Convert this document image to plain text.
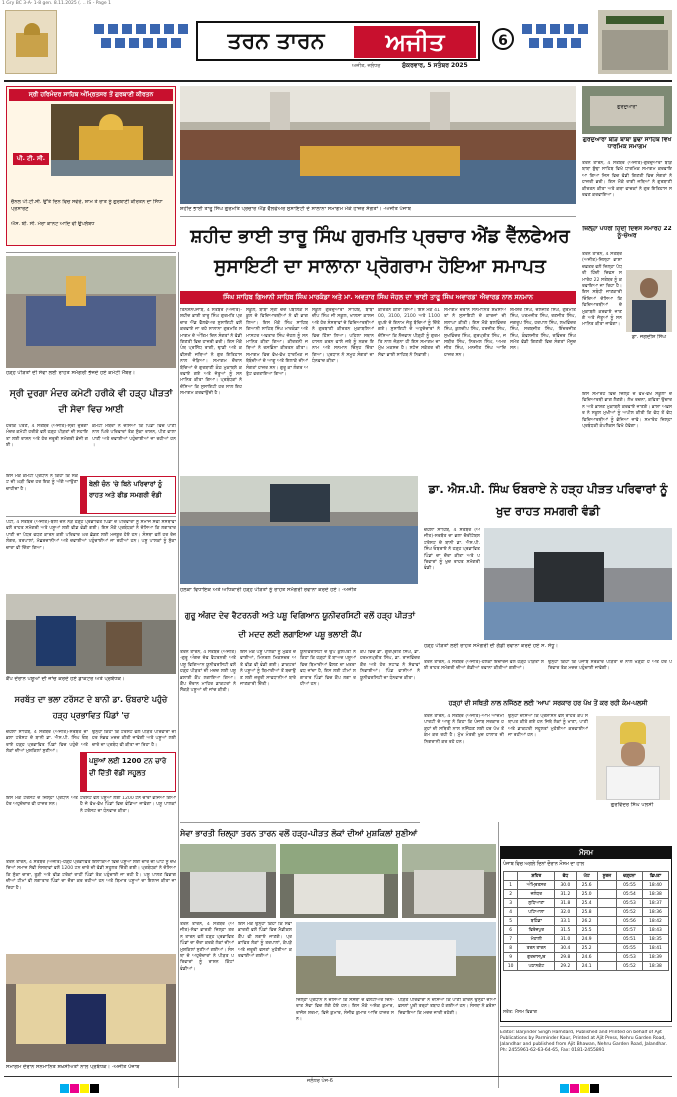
1 Gry BC 3-A- 1-8 gen. 8.11.2025 (. .. IS - Page 1
ਤਰਨ ਤਾਰਨ	ਅਜੀਤ
ਅਜੀਤ, ਜਲੰਧਰ	ਸ਼ੁੱਕਰਵਾਰ, 5 ਸਤੰਬਰ 2025
6
ਸ੍ਰੀ ਹਰਿਮੰਦਰ ਸਾਹਿਬ ਅੰਮ੍ਰਿਤਸਰ ਤੋਂ ਗੁਰਬਾਣੀ ਕੀਰਤਨ
ਪੀ. ਟੀ. ਸੀ.
ਚੈਨਲ ਪੀ.ਟੀ.ਸੀ. ਉੱਤੇ ਦਿਨ ਵਿਚ ਸਵੇਰੇ, ਸ਼ਾਮ ਤੇ ਰਾਤ ਨੂੰ ਗੁਰਬਾਣੀ ਕੀਰਤਨ ਦਾ ਸਿੱਧਾ ਪ੍ਰਸਾਰਣ
ਐਸ. ਬੀ. ਸੀ. ਮੇਰਾ ਕਾਨਟ ਆਦਿ ਵੀ ਉਪਲੱਬਧ
ਸ਼ਹੀਦ ਭਾਈ ਤਾਰੂ ਸਿੰਘ ਗੁਰਮਤਿ ਪ੍ਰਚਾਰ ਐਂਡ ਵੈੱਲਫੇਅਰ ਸੁਸਾਇਟੀ ਦੇ ਸਾਲਾਨਾ ਸਮਾਗਮ ਮੌਕੇ ਹਾਜ਼ਰ ਸੰਗਤਾਂ। -ਅਜੀਤ ਪੰਜਾਬ
ਗੁਰਦੁਆਰਾ
ਗੁਰਦੁਆਰਾ ਬੀੜ ਬਾਬਾ ਬੁੱਢਾ ਸਾਹਿਬ ਵਿਖੇ ਧਾਰਮਿਕ ਸਮਾਗਮ
ਤਰਨ ਤਾਰਨ, 4 ਸਤੰਬਰ (ਅਜੀਤ)-ਗੁਰਦੁਆਰਾ ਬੀੜ ਬਾਬਾ ਬੁੱਢਾ ਸਾਹਿਬ ਵਿਖੇ ਧਾਰਮਿਕ ਸਮਾਗਮ ਕਰਵਾਇਆ ਗਿਆ ਜਿਸ ਵਿਚ ਵੱਡੀ ਗਿਣਤੀ ਵਿਚ ਸੰਗਤਾਂ ਨੇ ਹਾਜ਼ਰੀ ਭਰੀ। ਇਸ ਮੌਕੇ ਰਾਗੀ ਜਥਿਆਂ ਨੇ ਗੁਰਬਾਣੀ ਕੀਰਤਨ ਕੀਤਾ ਅਤੇ ਕਥਾ ਵਾਚਕਾਂ ਨੇ ਗੁਰ ਇਤਿਹਾਸ ਸਰਵਣ ਕਰਵਾਇਆ।
ਜ਼ਿਲ੍ਹਾ ਪੱਧਰੀ ਹਿੰਦੀ ਦਿਵਸ ਸਮਾਰੋਹ 22 ਨੂੰ-ਚੇਅਰ
ਸ਼ਹੀਦ ਭਾਈ ਤਾਰੂ ਸਿੰਘ ਗੁਰਮਤਿ ਪ੍ਰਚਾਰ ਐਂਡ ਵੈੱਲਫੇਅਰ ਸੁਸਾਇਟੀ ਦਾ ਸਾਲਾਨਾ ਪ੍ਰੋਗਰਾਮ ਹੋਇਆ ਸਮਾਪਤ
ਸਿੰਘ ਸਾਹਿਬ ਗਿਆਨੀ ਸਾਹਿਬ ਸਿੰਘ ਮਾਰਕੰਡਾ ਅਤੇ ਮਾ. ਅਵਤਾਰ ਸਿੰਘ ਜੋਹਲ ਦਾ 'ਭਾਈ ਤਾਰੂ ਸਿੰਘ ਅਵਾਰਡ' ਐਵਾਰਡ ਨਾਲ ਸਨਮਾਨ
ਤਿੰਨਸ਼ਨਪੰਜਾਬ, 4 ਸਤੰਬਰ (ਅਜੀਤ)-ਸ਼ਹੀਦ ਭਾਈ ਤਾਰੂ ਸਿੰਘ ਗੁਰਮਤਿ ਪ੍ਰਚਾਰ ਐਂਡ ਵੈੱਲਫੇਅਰ ਸੁਸਾਇਟੀ ਵਲੋਂ ਕਰਵਾਏ ਜਾ ਰਹੇ ਸਾਲਾਨਾ ਗੁਰਮਤਿ ਸਮਾਗਮ ਦੇ ਅੰਤਿਮ ਦਿਨ ਸੰਗਤਾਂ ਨੇ ਵੱਡੀ ਗਿਣਤੀ ਵਿਚ ਹਾਜ਼ਰੀ ਭਰੀ। ਇਸ ਮੌਕੇ ਪੰਥ ਪ੍ਰਸਿੱਧ ਰਾਗੀ, ਢਾਡੀ ਅਤੇ ਕਵੀਸ਼ਰੀ ਜਥਿਆਂ ਨੇ ਗੁਰ ਇਤਿਹਾਸ ਨਾਲ ਜੋੜਿਆ। ਸਮਾਗਮ ਦੌਰਾਨ ਬੱਚਿਆਂ ਦੇ ਗੁਰਬਾਣੀ ਕੰਠ ਮੁਕਾਬਲੇ ਕਰਵਾਏ ਗਏ ਅਤੇ ਜੇਤੂਆਂ ਨੂੰ ਸਨਮਾਨਿਤ ਕੀਤਾ ਗਿਆ। ਪ੍ਰਬੰਧਕਾਂ ਨੇ ਦੱਸਿਆ ਕਿ ਸੁਸਾਇਟੀ ਹਰ ਸਾਲ ਇਹ ਸਮਾਗਮ ਕਰਵਾਉਂਦੀ ਹੈ।
ਸਕੂਲ, ਬਾਬਾ ਸ੍ਰੀ ਚੰਦ ਪਬਲਿਕ ਸਕੂਲ ਦੇ ਵਿਦਿਆਰਥੀਆਂ ਨੇ ਵੀ ਭਾਗ ਲਿਆ। ਇਸ ਮੌਕੇ ਸਿੰਘ ਸਾਹਿਬ ਗਿਆਨੀ ਸਾਹਿਬ ਸਿੰਘ ਮਾਰਕੰਡਾ ਅਤੇ ਮਾਸਟਰ ਅਵਤਾਰ ਸਿੰਘ ਜੋਹਲ ਨੂੰ ਸਨਮਾਨਿਤ ਕੀਤਾ ਗਿਆ। ਕੀਰਤਨੀ ਜਥਿਆਂ ਨੇ ਰਸਭਿੰਨਾ ਕੀਰਤਨ ਕੀਤਾ। ਸਮਾਗਮ ਵਿਚ ਵੱਖ-ਵੱਖ ਧਾਰਮਿਕ ਜਥੇਬੰਦੀਆਂ ਦੇ ਆਗੂ ਅਤੇ ਇਲਾਕੇ ਦੀਆਂ ਸੰਗਤਾਂ ਹਾਜ਼ਰ ਸਨ। ਗੁਰੂ ਕਾ ਲੰਗਰ ਅਤੁੱਟ ਵਰਤਾਇਆ ਗਿਆ।
ਸਕੂਲ ਗੁਰਦੁਆਰਾ ਸਾਹਿਬ, ਬਾਬਾ ਦੀਪ ਸਿੰਘ ਜੀ ਸਕੂਲ, ਖਾਲਸਾ ਕਾਲਜ ਅਤੇ ਹੋਰ ਸੰਸਥਾਵਾਂ ਦੇ ਵਿਦਿਆਰਥੀਆਂ ਨੇ ਗੁਰਬਾਣੀ ਕੀਰਤਨ ਮੁਕਾਬਲਿਆਂ ਵਿਚ ਹਿੱਸਾ ਲਿਆ। ਪਹਿਲਾ ਸਥਾਨ ਹਾਸਲ ਕਰਨ ਵਾਲੇ ਜਥੇ ਨੂੰ ਨਕਦ ਇਨਾਮ ਅਤੇ ਸਨਮਾਨ ਚਿੰਨ੍ਹ ਦਿੱਤਾ ਗਿਆ। ਪ੍ਰਧਾਨ ਨੇ ਸਮੂਹ ਸੰਗਤਾਂ ਦਾ ਧੰਨਵਾਦ ਕੀਤਾ।
ਕੀਰਤਨ ਕੀਤਾ ਗਿਆ। ਇਸ ਮੌਕੇ 4100, 3100, 2100 ਅਤੇ 1100 ਰੁਪਏ ਦੇ ਇਨਾਮ ਜੇਤੂ ਬੱਚਿਆਂ ਨੂੰ ਦਿੱਤੇ ਗਏ। ਸੁਸਾਇਟੀ ਦੇ ਅਹੁਦੇਦਾਰਾਂ ਨੇ ਦੱਸਿਆ ਕਿ ਨੌਜਵਾਨ ਪੀੜ੍ਹੀ ਨੂੰ ਗੁਰਮਤਿ ਨਾਲ ਜੋੜਨਾ ਹੀ ਇਸ ਸਮਾਗਮ ਦਾ ਮੁੱਖ ਮਕਸਦ ਹੈ। ਸਟੇਜ ਸਕੱਤਰ ਦੀ ਸੇਵਾ ਭਾਈ ਸਾਹਿਬ ਨੇ ਨਿਭਾਈ।
ਸਮਾਗਮ ਦੌਰਾਨ ਸਨਮਾਨਿਤ ਸ਼ਖ਼ਸੀਅਤਾਂ ਨੇ ਸੁਸਾਇਟੀ ਦੇ ਕਾਰਜਾਂ ਦੀ ਸ਼ਲਾਘਾ ਕੀਤੀ। ਇਸ ਮੌਕੇ ਬਲਵਿੰਦਰ ਸਿੰਘ, ਕੁਲਦੀਪ ਸਿੰਘ, ਹਰਜੀਤ ਸਿੰਘ, ਸੁਖਵਿੰਦਰ ਸਿੰਘ, ਗੁਰਪ੍ਰੀਤ ਸਿੰਘ, ਜਸਬੀਰ ਸਿੰਘ, ਨਿਰਮਲ ਸਿੰਘ, ਅਮਰਜੀਤ ਸਿੰਘ, ਮਨਜੀਤ ਸਿੰਘ ਆਦਿ ਹਾਜ਼ਰ ਸਨ।
ਸ਼ਮਸ਼ੇਰ ਸਿੰਘ, ਦਲਜੀਤ ਸਿੰਘ, ਗੁਰਮੀਤ ਸਿੰਘ, ਪਰਮਜੀਤ ਸਿੰਘ, ਰਣਜੀਤ ਸਿੰਘ, ਜਗਰੂਪ ਸਿੰਘ, ਹਰਪਾਲ ਸਿੰਘ, ਲਖਵਿੰਦਰ ਸਿੰਘ, ਸਰਬਜੀਤ ਸਿੰਘ, ਇੰਦਰਜੀਤ ਸਿੰਘ, ਕੰਵਲਜੀਤ ਸਿੰਘ, ਰਵਿੰਦਰ ਸਿੰਘ ਸਮੇਤ ਵੱਡੀ ਗਿਣਤੀ ਵਿਚ ਸੰਗਤਾਂ ਮੌਜੂਦ ਸਨ।
ਤਰਨ ਤਾਰਨ, 4 ਸਤੰਬਰ (ਅਜੀਤ)-ਜ਼ਿਲ੍ਹਾ ਭਾਸ਼ਾ ਦਫ਼ਤਰ ਵਲੋਂ ਜ਼ਿਲ੍ਹਾ ਪੱਧਰੀ ਹਿੰਦੀ ਦਿਵਸ ਸਮਾਰੋਹ 22 ਸਤੰਬਰ ਨੂੰ ਕਰਵਾਇਆ ਜਾ ਰਿਹਾ ਹੈ। ਇਸ ਸਬੰਧੀ ਜਾਣਕਾਰੀ ਦਿੰਦਿਆਂ ਦੱਸਿਆ ਕਿ ਵਿਦਿਆਰਥੀਆਂ ਦੇ ਮੁਕਾਬਲੇ ਕਰਵਾਏ ਜਾਣਗੇ ਅਤੇ ਜੇਤੂਆਂ ਨੂੰ ਸਨਮਾਨਿਤ ਕੀਤਾ ਜਾਵੇਗਾ।
ਡਾ. ਜਗਦੀਸ਼ ਸਿੰਘ
ਇਸ ਸਮਾਰੋਹ ਵਿਚ ਜ਼ਿਲ੍ਹੇ ਦੇ ਵੱਖ-ਵੱਖ ਸਕੂਲਾਂ ਦੇ ਵਿਦਿਆਰਥੀ ਭਾਗ ਲੈਣਗੇ। ਲੇਖ ਰਚਨਾ, ਕਵਿਤਾ ਉਚਾਰਨ ਅਤੇ ਭਾਸ਼ਣ ਮੁਕਾਬਲੇ ਕਰਵਾਏ ਜਾਣਗੇ। ਭਾਸ਼ਾ ਅਫ਼ਸਰ ਨੇ ਸਕੂਲ ਮੁਖੀਆਂ ਨੂੰ ਅਪੀਲ ਕੀਤੀ ਕਿ ਵੱਧ ਤੋਂ ਵੱਧ ਵਿਦਿਆਰਥੀਆਂ ਨੂੰ ਭੇਜਿਆ ਜਾਵੇ। ਸਮਾਰੋਹ ਜ਼ਿਲ੍ਹਾ ਪ੍ਰਬੰਧਕੀ ਕੰਪਲੈਕਸ ਵਿਖੇ ਹੋਵੇਗਾ।
ਹੜ੍ਹ ਪੀੜਤਾਂ ਦੀ ਸੇਵਾ ਲਈ ਰਾਹਤ ਸਮੱਗਰੀ ਭੇਜਦੇ ਹੋਏ ਕਮੇਟੀ ਮੈਂਬਰ।
ਸ੍ਰੀ ਦੁਰਗਾ ਮੰਦਰ ਕਮੇਟੀ ਹਰੀਕੇ ਵੀ ਹੜ੍ਹ ਪੀੜਤਾਂ ਦੀ ਸੇਵਾ ਵਿਚ ਆਈ
ਹਰੀਕੇ ਪੱਤਣ, 4 ਸਤੰਬਰ (ਅਜੀਤ)-ਸ੍ਰੀ ਦੁਰਗਾ ਮੰਦਰ ਕਮੇਟੀ ਹਰੀਕੇ ਵਲੋਂ ਹੜ੍ਹ ਪੀੜਤਾਂ ਦੀ ਸਹਾਇਤਾ ਲਈ ਰਾਸ਼ਨ ਅਤੇ ਹੋਰ ਜ਼ਰੂਰੀ ਸਮੱਗਰੀ ਭੇਜੀ ਗਈ।
ਕਮੇਟੀ ਮੈਂਬਰਾਂ ਨੇ ਦੱਸਿਆ ਕਿ ਪਿੰਡਾਂ ਵਿਚ ਪਾਣੀ ਨਾਲ ਘਿਰੇ ਪਰਿਵਾਰਾਂ ਤੱਕ ਸੁੱਕਾ ਰਾਸ਼ਨ, ਪੀਣ ਵਾਲਾ ਪਾਣੀ ਅਤੇ ਦਵਾਈਆਂ ਪਹੁੰਚਾਈਆਂ ਜਾ ਰਹੀਆਂ ਹਨ।
ਇਸ ਮੌਕੇ ਕਮੇਟੀ ਪ੍ਰਧਾਨ ਨੇ ਕਿਹਾ ਕਿ ਸੰਕਟ ਦੀ ਘੜੀ ਵਿਚ ਹਰ ਇਕ ਨੂੰ ਅੱਗੇ ਆਉਣਾ ਚਾਹੀਦਾ ਹੈ।
ਬੇਲੀ ਚੰਨ 'ਚੇ ਬਿਨੇ ਪਰਿਵਾਰਾਂ ਨੂੰ ਰਾਹਤ ਅਤੇ ਫੀਡ ਸਮਗਰੀ ਵੰਡੀ
ਪੱਟੀ, 4 ਸਤੰਬਰ (ਅਜੀਤ)-ਬੇਲੀ ਚੰਨ ਨੇੜੇ ਹੜ੍ਹ ਪ੍ਰਭਾਵਿਤ ਪਿੰਡਾਂ ਦੇ ਪਰਿਵਾਰਾਂ ਨੂੰ ਸਮਾਜ ਸੇਵੀ ਸੰਸਥਾਵਾਂ ਵਲੋਂ ਰਾਹਤ ਸਮੱਗਰੀ ਅਤੇ ਪਸ਼ੂਆਂ ਲਈ ਫੀਡ ਵੰਡੀ ਗਈ। ਇਸ ਮੌਕੇ ਪ੍ਰਬੰਧਕਾਂ ਨੇ ਦੱਸਿਆ ਕਿ ਲਗਾਤਾਰ ਪਾਣੀ ਦਾ ਪੱਧਰ ਵਧਣ ਕਾਰਨ ਕਈ ਪਰਿਵਾਰ ਘਰ ਛੱਡਣ ਲਈ ਮਜਬੂਰ ਹੋਏ ਹਨ। ਸੰਸਥਾ ਵਲੋਂ ਹਰ ਰੋਜ਼ ਲੰਗਰ, ਤਰਪਾਲਾਂ, ਮੱਛਰਦਾਨੀਆਂ ਅਤੇ ਦਵਾਈਆਂ ਪਹੁੰਚਾਈਆਂ ਜਾ ਰਹੀਆਂ ਹਨ। ਪਸ਼ੂ ਪਾਲਕਾਂ ਨੂੰ ਸੁੱਕਾ ਚਾਰਾ ਵੀ ਦਿੱਤਾ ਗਿਆ।
ਹਲਕਾ ਵਿਧਾਇਕ ਅਤੇ ਅਧਿਕਾਰੀ ਹੜ੍ਹ ਪੀੜਤਾਂ ਨੂੰ ਰਾਹਤ ਸਮੱਗਰੀ ਰਵਾਨਾ ਕਰਦੇ ਹੋਏ। -ਅਜੀਤ
ਡਾ. ਐਸ.ਪੀ. ਸਿੰਘ ਓਬਰਾਏ ਨੇ ਹੜ੍ਹ ਪੀੜਤ ਪਰਿਵਾਰਾਂ ਨੂੰ ਖੁਦ ਰਾਹਤ ਸਮਗਰੀ ਵੰਡੀ
ਚੋਹਲਾ ਸਾਹਿਬ, 4 ਸਤੰਬਰ (ਅਜੀਤ)-ਸਰਬੱਤ ਦਾ ਭਲਾ ਚੈਰੀਟੇਬਲ ਟਰੱਸਟ ਦੇ ਬਾਨੀ ਡਾ. ਐਸ.ਪੀ. ਸਿੰਘ ਓਬਰਾਏ ਨੇ ਹੜ੍ਹ ਪ੍ਰਭਾਵਿਤ ਪਿੰਡਾਂ ਦਾ ਦੌਰਾ ਕੀਤਾ ਅਤੇ ਪਰਿਵਾਰਾਂ ਨੂੰ ਖੁਦ ਰਾਹਤ ਸਮੱਗਰੀ ਵੰਡੀ।
ਹੜ੍ਹ ਪੀੜਤਾਂ ਲਈ ਰਾਹਤ ਸਮੱਗਰੀ ਦੀ ਗੱਡੀ ਰਵਾਨਾ ਕਰਦੇ ਹੋਏ ਸ. ਸੰਧੂ।
ਕੈਂਪ ਦੌਰਾਨ ਪਸ਼ੂਆਂ ਦੀ ਜਾਂਚ ਕਰਦੇ ਹੋਏ ਡਾਕਟਰ ਅਤੇ ਪ੍ਰਬੰਧਕ।
ਸਰਬੱਤ ਦਾ ਭਲਾ ਟਰੱਸਟ ਦੇ ਬਾਨੀ ਡਾ. ਓਬਰਾਏ ਪਹੁੰਚੇ ਹੜ੍ਹ ਪ੍ਰਭਾਵਿਤ ਪਿੰਡਾਂ 'ਚ
ਚੋਹਲਾ ਸਾਹਿਬ, 4 ਸਤੰਬਰ (ਅਜੀਤ)-ਸਰਬੱਤ ਦਾ ਭਲਾ ਟਰੱਸਟ ਦੇ ਬਾਨੀ ਡਾ. ਐਸ.ਪੀ. ਸਿੰਘ ਓਬਰਾਏ ਹੜ੍ਹ ਪ੍ਰਭਾਵਿਤ ਪਿੰਡਾਂ ਵਿਚ ਪਹੁੰਚੇ ਅਤੇ ਲੋਕਾਂ ਦੀਆਂ ਮੁਸ਼ਕਿਲਾਂ ਸੁਣੀਆਂ।
ਉਨ੍ਹਾਂ ਕਿਹਾ ਕਿ ਟਰੱਸਟ ਵਲੋਂ ਪੀੜਤ ਪਰਿਵਾਰਾਂ ਦੀ ਹਰ ਸੰਭਵ ਮਦਦ ਕੀਤੀ ਜਾਵੇਗੀ ਅਤੇ ਪਸ਼ੂਆਂ ਲਈ ਚਾਰੇ ਦਾ ਪ੍ਰਬੰਧ ਵੀ ਕੀਤਾ ਜਾ ਰਿਹਾ ਹੈ।
ਇਸ ਮੌਕੇ ਟਰੱਸਟ ਦੇ ਜ਼ਿਲ੍ਹਾ ਪ੍ਰਧਾਨ ਅਤੇ ਹੋਰ ਅਹੁਦੇਦਾਰ ਵੀ ਹਾਜ਼ਰ ਸਨ।
ਪਸ਼ੂਆਂ ਲਈ 1200 ਟਨ ਚਾਰੇ ਦੀ ਦਿੱਤੀ ਵੱਡੀ ਸਹੂਲਤ
ਟਰੱਸਟ ਵਲੋਂ ਪਸ਼ੂਆਂ ਲਈ 1200 ਟਨ ਚਾਰਾ ਭੇਜਿਆ ਗਿਆ ਹੈ ਜੋ ਵੱਖ-ਵੱਖ ਪਿੰਡਾਂ ਵਿਚ ਵੰਡਿਆ ਜਾਵੇਗਾ। ਪਸ਼ੂ ਪਾਲਕਾਂ ਨੇ ਟਰੱਸਟ ਦਾ ਧੰਨਵਾਦ ਕੀਤਾ।
ਤਰਨ ਤਾਰਨ, 4 ਸਤੰਬਰ (ਅਜੀਤ)-ਹੜ੍ਹ ਪ੍ਰਭਾਵਿਤ ਇਲਾਕਿਆਂ ਵਿਚ ਪਸ਼ੂਆਂ ਲਈ ਚਾਰੇ ਦੀ ਘਾਟ ਨੂੰ ਦੇਖਦਿਆਂ ਸਮਾਜ ਸੇਵੀ ਸੰਸਥਾਵਾਂ ਵਲੋਂ 1200 ਟਨ ਚਾਰੇ ਦੀ ਵੱਡੀ ਸਹੂਲਤ ਦਿੱਤੀ ਗਈ। ਪ੍ਰਬੰਧਕਾਂ ਨੇ ਦੱਸਿਆ ਕਿ ਸੁੱਕਾ ਚਾਰਾ, ਤੂੜੀ ਅਤੇ ਫੀਡ ਟਰੱਕਾਂ ਰਾਹੀਂ ਪਿੰਡਾਂ ਤੱਕ ਪਹੁੰਚਾਈ ਜਾ ਰਹੀ ਹੈ। ਪਸ਼ੂ ਪਾਲਣ ਵਿਭਾਗ ਦੀਆਂ ਟੀਮਾਂ ਵੀ ਲਗਾਤਾਰ ਪਿੰਡਾਂ ਦਾ ਦੌਰਾ ਕਰ ਰਹੀਆਂ ਹਨ ਅਤੇ ਬਿਮਾਰ ਪਸ਼ੂਆਂ ਦਾ ਇਲਾਜ ਕੀਤਾ ਜਾ ਰਿਹਾ ਹੈ।
ਗੁਰੂ ਅੰਗਦ ਦੇਵ ਵੈਟਰਨਰੀ ਅਤੇ ਪਸ਼ੂ ਵਿਗਿਆਨ ਯੂਨੀਵਰਸਿਟੀ ਵਲੋਂ ਹੜ੍ਹ ਪੀੜਤਾਂ ਦੀ ਮਦਦ ਲਈ ਲਗਾਇਆ ਪਸ਼ੂ ਭਲਾਈ ਕੈਂਪ
ਤਰਨ ਤਾਰਨ, 4 ਸਤੰਬਰ (ਅਜੀਤ)-ਗੁਰੂ ਅੰਗਦ ਦੇਵ ਵੈਟਰਨਰੀ ਅਤੇ ਪਸ਼ੂ ਵਿਗਿਆਨ ਯੂਨੀਵਰਸਿਟੀ ਵਲੋਂ ਹੜ੍ਹ ਪੀੜਤਾਂ ਦੀ ਮਦਦ ਲਈ ਪਸ਼ੂ ਭਲਾਈ ਕੈਂਪ ਲਗਾਇਆ ਗਿਆ। ਕੈਂਪ ਦੌਰਾਨ ਮਾਹਿਰ ਡਾਕਟਰਾਂ ਨੇ ਸੈਂਕੜੇ ਪਸ਼ੂਆਂ ਦੀ ਜਾਂਚ ਕੀਤੀ।
ਇਸ ਮੌਕੇ ਪਸ਼ੂ ਪਾਲਕਾਂ ਨੂੰ ਮੁਫ਼ਤ ਦਵਾਈਆਂ, ਮਿਨਰਲ ਮਿਕਸਚਰ ਅਤੇ ਫੀਡ ਵੀ ਵੰਡੀ ਗਈ। ਡਾਕਟਰਾਂ ਨੇ ਪਸ਼ੂਆਂ ਨੂੰ ਬਿਮਾਰੀਆਂ ਤੋਂ ਬਚਾਉਣ ਲਈ ਜ਼ਰੂਰੀ ਸਾਵਧਾਨੀਆਂ ਬਾਰੇ ਜਾਣਕਾਰੀ ਦਿੱਤੀ।
ਯੂਨੀਵਰਸਿਟੀ ਦੇ ਉਪ ਕੁਲਪਤੀ ਨੇ ਕਿਹਾ ਕਿ ਹੜ੍ਹਾਂ ਤੋਂ ਬਾਅਦ ਪਸ਼ੂਆਂ ਵਿਚ ਬਿਮਾਰੀਆਂ ਫੈਲਣ ਦਾ ਖ਼ਤਰਾ ਵਧ ਜਾਂਦਾ ਹੈ, ਇਸ ਲਈ ਟੀਮਾਂ ਲਗਾਤਾਰ ਪਿੰਡਾਂ ਵਿਚ ਕੈਂਪ ਲਗਾ ਰਹੀਆਂ ਹਨ।
ਕੈਂਪ ਵਿਚ ਡਾ. ਗੁਰਪ੍ਰੀਤ ਸਿੰਘ, ਡਾ. ਹਰਮਨਪ੍ਰੀਤ ਸਿੰਘ, ਡਾ. ਰਾਜਵਿੰਦਰ ਕੌਰ ਅਤੇ ਹੋਰ ਸਟਾਫ਼ ਨੇ ਸੇਵਾਵਾਂ ਨਿਭਾਈਆਂ। ਪਿੰਡ ਵਾਸੀਆਂ ਨੇ ਯੂਨੀਵਰਸਿਟੀ ਦਾ ਧੰਨਵਾਦ ਕੀਤਾ।
ਤਰਨ ਤਾਰਨ, 4 ਸਤੰਬਰ (ਅਜੀਤ)-ਹਲਕਾ ਇੰਚਾਰਜ ਵਲੋਂ ਹੜ੍ਹ ਪੀੜਤਾਂ ਲਈ ਰਾਹਤ ਸਮੱਗਰੀ ਦੀਆਂ ਗੱਡੀਆਂ ਰਵਾਨਾ ਕੀਤੀਆਂ ਗਈਆਂ।
ਉਨ੍ਹਾਂ ਕਿਹਾ ਕਿ ਪੰਜਾਬ ਸਰਕਾਰ ਪੀੜਤਾਂ ਦੇ ਨਾਲ ਖੜ੍ਹੀ ਹੈ ਅਤੇ ਹਰ ਪਰਿਵਾਰ ਤੱਕ ਮਦਦ ਪਹੁੰਚਾਈ ਜਾਵੇਗੀ।
ਹੜ੍ਹਾਂ ਦੀ ਸਥਿਤੀ ਨਾਲ ਨਜਿੱਠਣ ਲਈ 'ਆਪ' ਸਰਕਾਰ ਹਰ ਪੱਖ ਤੋਂ ਕਰ ਰਹੀ ਕੰਮ-ਪਲਸੀ
ਤਰਨ ਤਾਰਨ, 4 ਸਤੰਬਰ (ਅਜੀਤ)-ਆਮ ਆਦਮੀ ਪਾਰਟੀ ਦੇ ਆਗੂ ਨੇ ਕਿਹਾ ਕਿ ਪੰਜਾਬ ਸਰਕਾਰ ਹੜ੍ਹਾਂ ਦੀ ਸਥਿਤੀ ਨਾਲ ਨਜਿੱਠਣ ਲਈ ਹਰ ਪੱਖ ਤੋਂ ਕੰਮ ਕਰ ਰਹੀ ਹੈ। ਮੁੱਖ ਮੰਤਰੀ ਖੁਦ ਹਾਲਾਤ ਦੀ ਨਿਗਰਾਨੀ ਕਰ ਰਹੇ ਹਨ।
ਉਨ੍ਹਾਂ ਦੱਸਿਆ ਕਿ ਪ੍ਰਸ਼ਾਸਨ ਵਲੋਂ ਰਾਹਤ ਕੈਂਪ ਸਥਾਪਤ ਕੀਤੇ ਗਏ ਹਨ ਜਿਥੇ ਲੋਕਾਂ ਨੂੰ ਖਾਣਾ, ਪਾਣੀ ਅਤੇ ਡਾਕਟਰੀ ਸਹੂਲਤਾਂ ਮੁਹੱਈਆ ਕਰਵਾਈਆਂ ਜਾ ਰਹੀਆਂ ਹਨ।
ਗੁਰਵਿੰਦਰ ਸਿੰਘ ਪਲਸੀ
ਸੇਵਾ ਭਾਰਤੀ ਜ਼ਿਲ੍ਹਾ ਤਰਨ ਤਾਰਨ ਵਲੋਂ ਹੜ੍ਹ-ਪੀੜਤ ਲੋਕਾਂ ਦੀਆਂ ਮੁਸ਼ਕਿਲਾਂ ਸੁਣੀਆਂ
ਤਰਨ ਤਾਰਨ, 4 ਸਤੰਬਰ (ਅਜੀਤ)-ਸੇਵਾ ਭਾਰਤੀ ਜ਼ਿਲ੍ਹਾ ਤਰਨ ਤਾਰਨ ਵਲੋਂ ਹੜ੍ਹ ਪ੍ਰਭਾਵਿਤ ਪਿੰਡਾਂ ਦਾ ਦੌਰਾ ਕਰਕੇ ਲੋਕਾਂ ਦੀਆਂ ਮੁਸ਼ਕਿਲਾਂ ਸੁਣੀਆਂ ਗਈਆਂ। ਸੰਸਥਾ ਦੇ ਅਹੁਦੇਦਾਰਾਂ ਨੇ ਪੀੜਤ ਪਰਿਵਾਰਾਂ ਨੂੰ ਰਾਸ਼ਨ ਕਿੱਟਾਂ ਵੰਡੀਆਂ।
ਇਸ ਮੌਕੇ ਉਨ੍ਹਾਂ ਕਿਹਾ ਕਿ ਸੇਵਾ ਭਾਰਤੀ ਵਲੋਂ ਪਿੰਡਾਂ ਵਿਚ ਮੈਡੀਕਲ ਕੈਂਪ ਵੀ ਲਗਾਏ ਜਾਣਗੇ। ਪ੍ਰਭਾਵਿਤ ਲੋਕਾਂ ਨੂੰ ਤਰਪਾਲਾਂ, ਕੱਪੜੇ ਅਤੇ ਜ਼ਰੂਰੀ ਵਸਤਾਂ ਮੁਹੱਈਆ ਕਰਵਾਈਆਂ ਗਈਆਂ।
ਜ਼ਿਲ੍ਹਾ ਪ੍ਰਧਾਨ ਨੇ ਦੱਸਿਆ ਕਿ ਸੰਸਥਾ ਦੇ ਵਲੰਟੀਅਰ ਦਿਨ-ਰਾਤ ਸੇਵਾ ਵਿਚ ਲੱਗੇ ਹੋਏ ਹਨ। ਇਸ ਮੌਕੇ ਅਸ਼ੋਕ ਕੁਮਾਰ, ਰਾਜੇਸ਼ ਸ਼ਰਮਾ, ਵਿਜੇ ਕੁਮਾਰ, ਸੰਜੀਵ ਕੁਮਾਰ ਆਦਿ ਹਾਜ਼ਰ ਸਨ।
ਪੀੜਤ ਪਰਿਵਾਰਾਂ ਨੇ ਦੱਸਿਆ ਕਿ ਪਾਣੀ ਕਾਰਨ ਉਨ੍ਹਾਂ ਦੀਆਂ ਫ਼ਸਲਾਂ ਪੂਰੀ ਤਰ੍ਹਾਂ ਤਬਾਹ ਹੋ ਗਈਆਂ ਹਨ। ਸੰਸਥਾ ਨੇ ਭਰੋਸਾ ਦਿਵਾਇਆ ਕਿ ਮਦਦ ਜਾਰੀ ਰਹੇਗੀ।
ਸਮਾਗਮ ਦੌਰਾਨ ਸਨਮਾਨਿਤ ਸ਼ਖ਼ਸੀਅਤਾਂ ਨਾਲ ਪ੍ਰਬੰਧਕ। -ਅਜੀਤ ਪੰਜਾਬ
ਮੌਸਮ
ਪੰਜਾਬ ਵਿਚ ਅਗਲੇ ਦਿਨਾਂ ਦੌਰਾਨ ਮੌਸਮ ਦਾ ਹਾਲ
	ਸ਼ਹਿਰ	ਵੱਧ	ਘੱਟ	ਸੂਰਜ	ਚੜ੍ਹਨਾ	ਛਿਪਣਾ
1	ਅੰਮ੍ਰਿਤਸਰ	30.0	25.6		05:55	18:40
2	ਜਲੰਧਰ	31.2	25.0		05:54	18:38
3	ਲੁਧਿਆਣਾ	31.8	25.4		05:53	18:37
4	ਪਟਿਆਲਾ	32.0	25.8		05:52	18:36
5	ਬਠਿੰਡਾ	33.1	26.2		05:56	18:42
6	ਫਿਰੋਜ਼ਪੁਰ	31.5	25.5		05:57	18:43
7	ਮੋਹਾਲੀ	31.0	24.9		05:51	18:35
8	ਤਰਨ ਤਾਰਨ	30.4	25.2		05:55	18:41
9	ਗੁਰਦਾਸਪੁਰ	29.8	24.6		05:53	18:39
10	ਪਠਾਨਕੋਟ	29.2	24.1		05:52	18:38
ਸਰੋਤ: ਮੌਸਮ ਵਿਭਾਗ
Editor: Barjinder Singh Hamdard, Published and Printed on behalf of Ajit Publications by Parminder Kaur, Printed at Ajit Press, Nehru Garden Road, Jalandhar and published from Ajit Bhawan, Nehru Garden Road, Jalandhar. Ph: 2455961-62-63-64-65, Fax: 0181-2455891
ਜਲੰਧਰ ਪੇਜ-6
